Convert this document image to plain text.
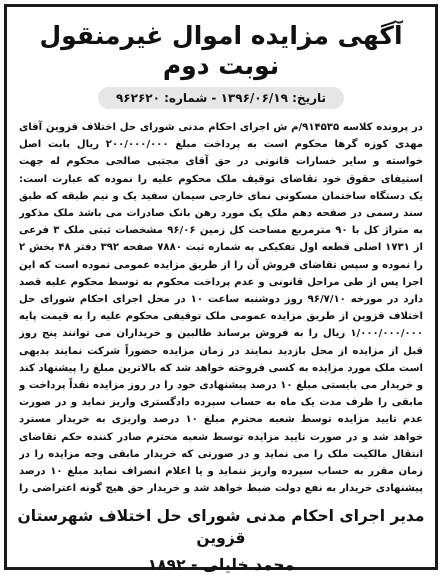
آگهی مزایده اموال غیرمنقول نوبت دوم
تاریخ: ۱۳۹۶/۰۶/۱۹ - شماره: ۹۶۲۶۲۰
در پرونده کلاسه ۹۱۴۵۳۵/م ش اجرای احکام مدنی شورای حل اختلاف قزوین آقای مهدی کوزه گرها محکوم است به پرداخت مبلغ ۲۰۰/۰۰۰/۰۰۰ ریال بابت اصل خواسته و سایر خسارات قانونی در حق آقای مجتبی صالحی محکوم له جهت استیفای حقوق خود تقاضای توقیف ملک محکوم علیه را نموده که عبارت است: یک دستگاه ساختمان مسکونی نمای خارجی سیمان سفید یک و نیم طبقه که طبق سند رسمی در صفحه دهم ملک یک مورد رهن بانک صادرات می باشد ملک مذکور به متراژ کل با ۹۰ مترمربع مساحت کل زمین ۹۶/۰۶ مشخصات ثبتی ملک ۳ فرعی از ۱۷۳۱ اصلی قطعه اول تفکیکی به شماره ثبت ۷۸۸۰ صفحه ۳۹۲ دفتر ۴۸ بخش ۲ را نموده و سپس تقاضای فروش آن را از طریق مزایده عمومی نموده است که این اجرا پس از طی مراحل قانونی و عدم پرداخت محکوم به توسط محکوم علیه قصد دارد در مورخه ۹۶/۷/۱۰ روز دوشنبه ساعت ۱۰ در محل اجرای احکام شورای حل اختلاف قزوین از طریق مزایده عمومی ملک توقیفی محکوم علیه را به قیمت پایه ۱/۰۰۰/۰۰۰/۰۰۰ ریال را به فروش برساند طالبین و خریداران می توانند پنج روز قبل از مزایده از محل بازدید نمایند در زمان مزایده حضوراً شرکت نمایند بدیهی است ملک مورد مزایده به کسی فروخته خواهد شد که بالاترین مبلغ را پیشنهاد کند و خریدار می بایستی مبلغ ۱۰ درصد پیشنهادی خود را در روز مزایده نقداً پرداخت و مابقی را ظرف مدت یک ماه به حساب سپرده دادگستری واریز نماید و در صورت عدم تایید مزایده توسط شعبه محترم مبلغ ۱۰ درصد واریزی به خریدار مسترد خواهد شد و در صورت تایید مزایده توسط شعبه محترم صادر کننده حکم تقاضای انتقال مالکیت ملک را می نماید و در صورتی که خریدار مابقی وجه مزایده را در زمان مقرر به حساب سپرده واریز ننماید و یا اعلام انصراف نماید مبلغ ۱۰ درصد پیشنهادی خریدار به نفع دولت ضبط خواهد شد و خریدار حق هیچ گونه اعتراضی را
مدیر اجرای احکام مدنی شورای حل اختلاف شهرستان قزوین
محمد خلیلی - ۱۸۹۲
